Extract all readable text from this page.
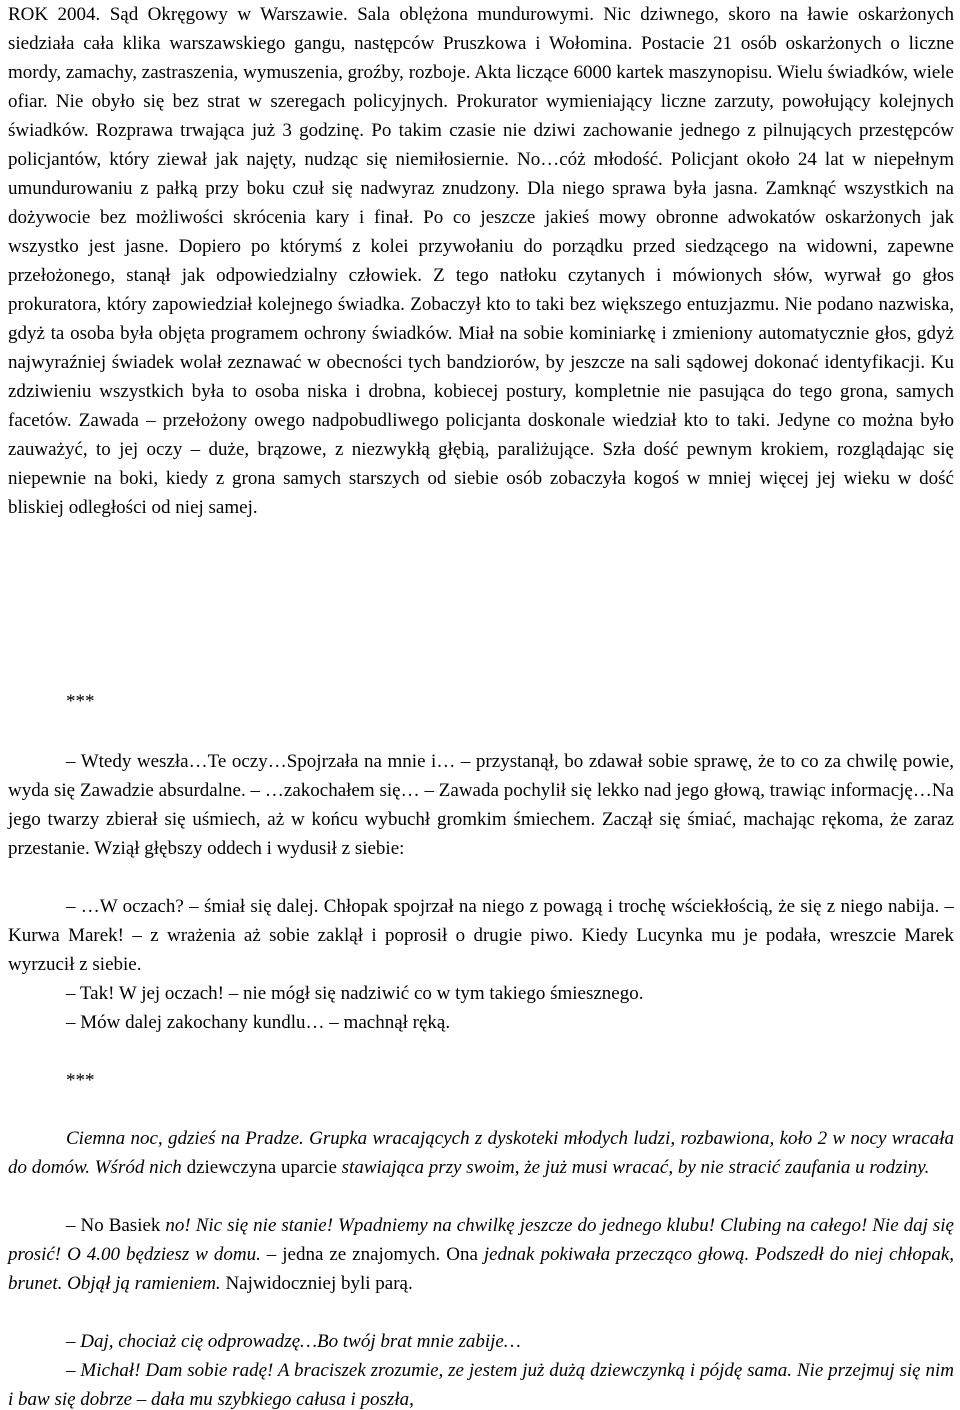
ROK 2004. Sąd Okręgowy w Warszawie. Sala oblężona mundurowymi. Nic dziwnego, skoro na ławie oskarżonych siedziała cała klika warszawskiego gangu, następców Pruszkowa i Wołomina. Postacie 21 osób oskarżonych o liczne mordy, zamachy, zastraszenia, wymuszenia, groźby, rozboje. Akta liczące 6000 kartek maszynopisu. Wielu świadków, wiele ofiar. Nie obyło się bez strat w szeregach policyjnych. Prokurator wymieniający liczne zarzuty, powołujący kolejnych świadków. Rozprawa trwająca już 3 godzinę. Po takim czasie nie dziwi zachowanie jednego z pilnujących przestępców policjantów, który ziewał jak najęty, nudząc się niemiłosiernie. No…cóż młodość. Policjant około 24 lat w niepełnym umundurowaniu z pałką przy boku czuł się nadwyraz znudzony. Dla niego sprawa była jasna. Zamknąć wszystkich na dożywocie bez możliwości skrócenia kary i finał. Po co jeszcze jakieś mowy obronne adwokatów oskarżonych jak wszystko jest jasne. Dopiero po którymś z kolei przywołaniu do porządku przed siedzącego na widowni, zapewne przełożonego, stanął jak odpowiedzialny człowiek. Z tego natłoku czytanych i mówionych słów, wyrwał go głos prokuratora, który zapowiedział kolejnego świadka. Zobaczył kto to taki bez większego entuzjazmu. Nie podano nazwiska, gdyż ta osoba była objęta programem ochrony świadków. Miał na sobie kominiarkę i zmieniony automatycznie głos, gdyż najwyraźniej świadek wolał zeznawać w obecności tych bandziorów, by jeszcze na sali sądowej dokonać identyfikacji. Ku zdziwieniu wszystkich była to osoba niska i drobna, kobiecej postury, kompletnie nie pasująca do tego grona, samych facetów. Zawada – przełożony owego nadpobudliwego policjanta doskonale wiedział kto to taki. Jedyne co można było zauważyć, to jej oczy – duże, brązowe, z niezwykłą głębią, paraliżujące. Szła dość pewnym krokiem, rozglądając się niepewnie na boki, kiedy z grona samych starszych od siebie osób zobaczyła kogoś w mniej więcej jej wieku w dość bliskiej odległości od niej samej.

***

– Wtedy weszła…Te oczy…Spojrzała na mnie i… – przystanął, bo zdawał sobie sprawę, że to co za chwilę powie, wyda się Zawadzie absurdalne. – …zakochałem się… – Zawada pochylił się lekko nad jego głową, trawiąc informację…Na jego twarzy zbierał się uśmiech, aż w końcu wybuchł gromkim śmiechem. Zaczął się śmiać, machając rękoma, że zaraz przestanie. Wziął głębszy oddech i wydusił z siebie:

– …W oczach? – śmiał się dalej. Chłopak spojrzał na niego z powagą i trochę wściekłością, że się z niego nabija. – Kurwa Marek! – z wrażenia aż sobie zaklął i poprosił o drugie piwo. Kiedy Lucynka mu je podała, wreszcie Marek wyrzucił z siebie.

– Tak! W jej oczach! – nie mógł się nadziwić co w tym takiego śmiesznego.

– Mów dalej zakochany kundlu… – machnął ręką.

***

Ciemna noc, gdzieś na Pradze. Grupka wracających z dyskoteki młodych ludzi, rozbawiona, koło 2 w nocy wracała do domów. Wśród nich dziewczyna uparcie stawiająca przy swoim, że już musi wracać, by nie stracić zaufania u rodziny.

– No Basiek no! Nic się nie stanie! Wpadniemy na chwilkę jeszcze do jednego klubu! Clubing na całego! Nie daj się prosić! O 4.00 będziesz w domu. – jedna ze znajomych. Ona jednak pokiwała przecząco głową. Podszedł do niej chłopak, brunet. Objął ją ramieniem. Najwidoczniej byli parą.

– Daj, chociaż cię odprowadzę…Bo twój brat mnie zabije…

– Michał! Dam sobie radę! A braciszek zrozumie, ze jestem już dużą dziewczynką i pójdę sama. Nie przejmuj się nim i baw się dobrze – dała mu szybkiego całusa i poszła,
